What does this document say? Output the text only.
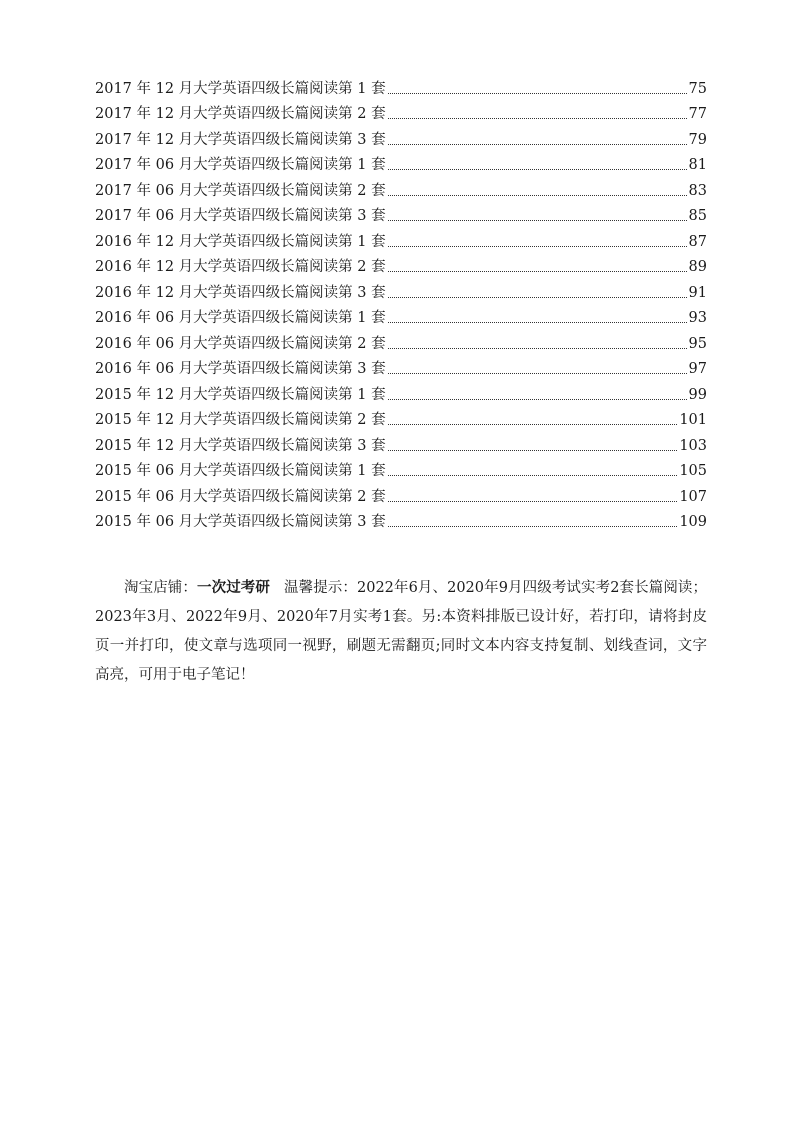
2017 年 12 月大学英语四级长篇阅读第 1 套	75
2017 年 12 月大学英语四级长篇阅读第 2 套	77
2017 年 12 月大学英语四级长篇阅读第 3 套	79
2017 年 06 月大学英语四级长篇阅读第 1 套	81
2017 年 06 月大学英语四级长篇阅读第 2 套	83
2017 年 06 月大学英语四级长篇阅读第 3 套	85
2016 年 12 月大学英语四级长篇阅读第 1 套	87
2016 年 12 月大学英语四级长篇阅读第 2 套	89
2016 年 12 月大学英语四级长篇阅读第 3 套	91
2016 年 06 月大学英语四级长篇阅读第 1 套	93
2016 年 06 月大学英语四级长篇阅读第 2 套	95
2016 年 06 月大学英语四级长篇阅读第 3 套	97
2015 年 12 月大学英语四级长篇阅读第 1 套	99
2015 年 12 月大学英语四级长篇阅读第 2 套	101
2015 年 12 月大学英语四级长篇阅读第 3 套	103
2015 年 06 月大学英语四级长篇阅读第 1 套	105
2015 年 06 月大学英语四级长篇阅读第 2 套	107
2015 年 06 月大学英语四级长篇阅读第 3 套	109
淘宝店铺：一次过考研 温馨提示：2022年6月、2020年9月四级考试实考2套长篇阅读；2023年3月、2022年9月、2020年7月实考1套。另:本资料排版已设计好，若打印，请将封皮页一并打印，使文章与选项同一视野，刷题无需翻页;同时文本内容支持复制、划线查词，文字高亮，可用于电子笔记！
